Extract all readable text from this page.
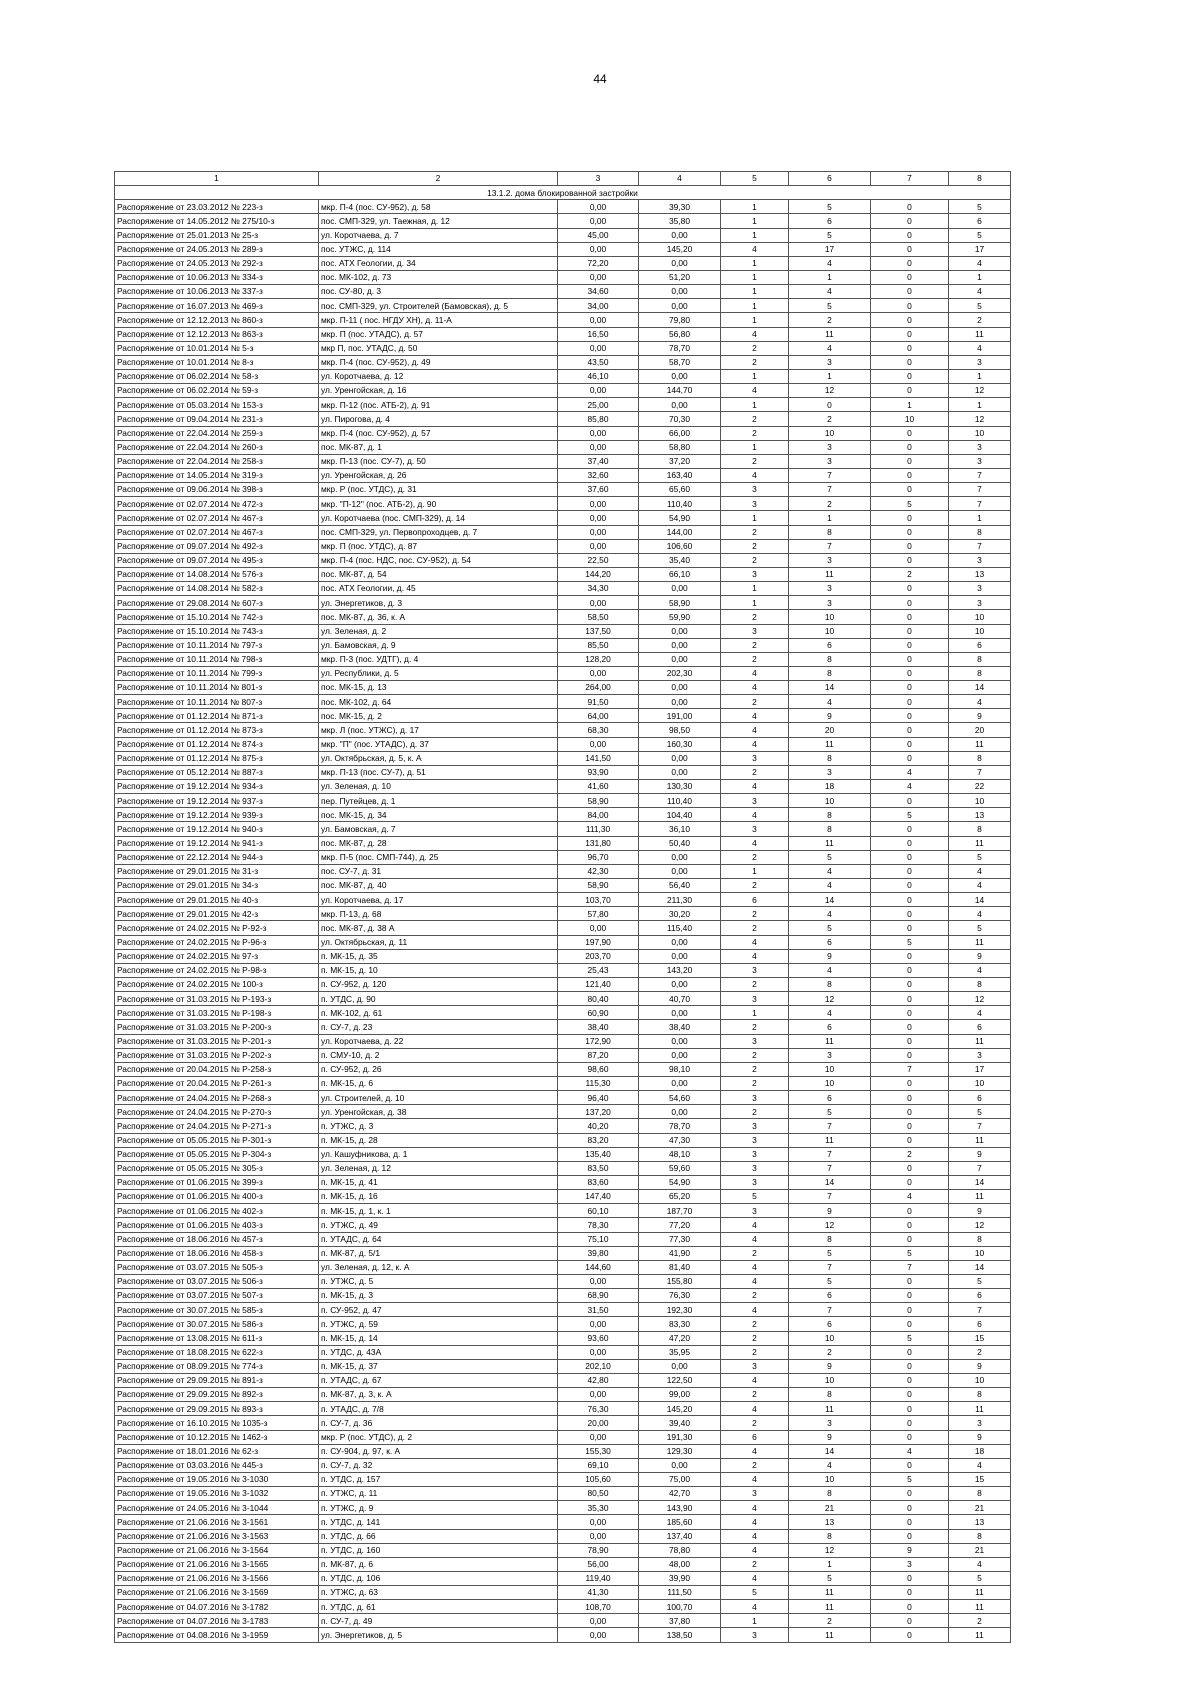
44
1	2	3	4	5	6	7	8
13.1.2. дома блокированной застройки							
Распоряжение от 23.03.2012 № 223-з	мкр. П-4 (пос. СУ-952), д. 58	0,00	39,30	1	5	0	5
Распоряжение от 14.05.2012 № 275/10-з	пос. СМП-329, ул. Таежная, д. 12	0,00	35,80	1	6	0	6
Распоряжение от 25.01.2013 № 25-з	ул. Коротчаева, д. 7	45,00	0,00	1	5	0	5
Распоряжение от 24.05.2013 № 289-з	пос. УТЖС, д. 114	0,00	145,20	4	17	0	17
Распоряжение от 24.05.2013 № 292-з	пос. АТХ Геологии, д. 34	72,20	0,00	1	4	0	4
Распоряжение от 10.06.2013 № 334-з	пос. МК-102, д. 73	0,00	51,20	1	1	0	1
Распоряжение от 10.06.2013 № 337-з	пос. СУ-80, д. 3	34,60	0,00	1	4	0	4
Распоряжение от 16.07.2013 № 469-з	пос. СМП-329, ул. Строителей (Бамовская), д. 5	34,00	0,00	1	5	0	5
Распоряжение от 12.12.2013 № 860-з	мкр. П-11 ( пос. НГДУ ХН), д. 11-А	0,00	79,80	1	2	0	2
Распоряжение от 12.12.2013 № 863-з	мкр. П (пос. УТАДС), д. 57	16,50	56,80	4	11	0	11
Распоряжение от 10.01.2014 № 5-з	мкр П, пос. УТАДС, д. 50	0,00	78,70	2	4	0	4
Распоряжение от 10.01.2014 № 8-з	мкр. П-4 (пос. СУ-952), д. 49	43,50	58,70	2	3	0	3
Распоряжение от 06.02.2014 № 58-з	ул. Коротчаева, д. 12	46,10	0,00	1	1	0	1
Распоряжение от 06.02.2014 № 59-з	ул. Уренгойская, д. 16	0,00	144,70	4	12	0	12
Распоряжение от 05.03.2014 № 153-з	мкр. П-12 (пос. АТБ-2), д. 91	25,00	0,00	1	0	1	1
Распоряжение от 09.04.2014 № 231-з	ул. Пирогова, д. 4	85,80	70,30	2	2	10	12
Распоряжение от 22.04.2014 № 259-з	мкр. П-4 (пос. СУ-952), д. 57	0,00	66,00	2	10	0	10
Распоряжение от 22.04.2014 № 260-з	пос. МК-87, д. 1	0,00	58,80	1	3	0	3
Распоряжение от 22.04.2014 № 258-з	мкр. П-13 (пос. СУ-7), д. 50	37,40	37,20	2	3	0	3
Распоряжение от 14.05.2014 № 319-з	ул. Уренгойская, д. 26	32,60	163,40	4	7	0	7
Распоряжение от 09.06.2014 № 398-з	мкр. Р (пос. УТДС), д. 31	37,60	65,60	3	7	0	7
Распоряжение от 02.07.2014 № 472-з	мкр. "П-12" (пос. АТБ-2), д. 90	0,00	110,40	3	2	5	7
Распоряжение от 02.07.2014 № 467-з	ул. Коротчаева (пос. СМП-329), д. 14	0,00	54,90	1	1	0	1
Распоряжение от 02.07.2014 № 467-з	пос. СМП-329, ул. Первопроходцев, д. 7	0,00	144,00	2	8	0	8
Распоряжение от 09.07.2014 № 492-з	мкр. П (пос. УТДС), д. 87	0,00	106,60	2	7	0	7
Распоряжение от 09.07.2014 № 495-з	мкр. П-4 (пос. НДС, пос. СУ-952), д. 54	22,50	35,40	2	3	0	3
Распоряжение от 14.08.2014 № 576-з	пос. МК-87, д. 54	144,20	66,10	3	11	2	13
Распоряжение от 14.08.2014 № 582-з	пос. АТХ Геологии, д. 45	34,30	0,00	1	3	0	3
Распоряжение от 29.08.2014 № 607-з	ул. Энергетиков, д. 3	0,00	58,90	1	3	0	3
Распоряжение от 15.10.2014 № 742-з	пос. МК-87, д. 36, к. А	58,50	59,90	2	10	0	10
Распоряжение от 15.10.2014 № 743-з	ул. Зеленая, д. 2	137,50	0,00	3	10	0	10
Распоряжение от 10.11.2014 № 797-з	ул. Бамовская, д. 9	85,50	0,00	2	6	0	6
Распоряжение от 10.11.2014 № 798-з	мкр. П-3 (пос. УДТГ), д. 4	128,20	0,00	2	8	0	8
Распоряжение от 10.11.2014 № 799-з	ул. Республики, д. 5	0,00	202,30	4	8	0	8
Распоряжение от 10.11.2014 № 801-з	пос. МК-15, д. 13	264,00	0,00	4	14	0	14
Распоряжение от 10.11.2014 № 807-з	пос. МК-102, д. 64	91,50	0,00	2	4	0	4
Распоряжение от 01.12.2014 № 871-з	пос. МК-15, д. 2	64,00	191,00	4	9	0	9
Распоряжение от 01.12.2014 № 873-з	мкр. Л (пос. УТЖС), д. 17	68,30	98,50	4	20	0	20
Распоряжение от 01.12.2014 № 874-з	мкр. "П" (пос. УТАДС), д. 37	0,00	160,30	4	11	0	11
Распоряжение от 01.12.2014 № 875-з	ул. Октябрьская, д. 5, к. А	141,50	0,00	3	8	0	8
Распоряжение от 05.12.2014 № 887-з	мкр. П-13 (пос. СУ-7), д. 51	93,90	0,00	2	3	4	7
Распоряжение от 19.12.2014 № 934-з	ул. Зеленая, д. 10	41,60	130,30	4	18	4	22
Распоряжение от 19.12.2014 № 937-з	пер. Путейцев, д. 1	58,90	110,40	3	10	0	10
Распоряжение от 19.12.2014 № 939-з	пос. МК-15, д. 34	84,00	104,40	4	8	5	13
Распоряжение от 19.12.2014 № 940-з	ул. Бамовская, д. 7	111,30	36,10	3	8	0	8
Распоряжение от 19.12.2014 № 941-з	пос. МК-87, д. 28	131,80	50,40	4	11	0	11
Распоряжение от 22.12.2014 № 944-з	мкр. П-5 (пос. СМП-744), д. 25	96,70	0,00	2	5	0	5
Распоряжение от 29.01.2015 № 31-з	пос. СУ-7, д. 31	42,30	0,00	1	4	0	4
Распоряжение от 29.01.2015 № 34-з	пос. МК-87, д. 40	58,90	56,40	2	4	0	4
Распоряжение от 29.01.2015 № 40-з	ул. Коротчаева, д. 17	103,70	211,30	6	14	0	14
Распоряжение от 29.01.2015 № 42-з	мкр. П-13, д. 68	57,80	30,20	2	4	0	4
Распоряжение от 24.02.2015 № Р-92-з	пос. МК-87, д. 38 А	0,00	115,40	2	5	0	5
Распоряжение от 24.02.2015 № Р-96-з	ул. Октябрьская, д. 11	197,90	0,00	4	6	5	11
Распоряжение от 24.02.2015 № 97-з	п. МК-15, д. 35	203,70	0,00	4	9	0	9
Распоряжение от 24.02.2015 № Р-98-з	п. МК-15, д. 10	25,43	143,20	3	4	0	4
Распоряжение от 24.02.2015 № 100-з	п. СУ-952, д. 120	121,40	0,00	2	8	0	8
Распоряжение от 31.03.2015 № Р-193-з	п. УТДС, д. 90	80,40	40,70	3	12	0	12
Распоряжение от 31.03.2015 № Р-198-з	п. МК-102, д. 61	60,90	0,00	1	4	0	4
Распоряжение от 31.03.2015 № Р-200-з	п. СУ-7, д. 23	38,40	38,40	2	6	0	6
Распоряжение от 31.03.2015 № Р-201-з	ул. Коротчаева, д. 22	172,90	0,00	3	11	0	11
Распоряжение от 31.03.2015 № Р-202-з	п. СМУ-10, д. 2	87,20	0,00	2	3	0	3
Распоряжение от 20.04.2015 № Р-258-з	п. СУ-952, д. 26	98,60	98,10	2	10	7	17
Распоряжение от 20.04.2015 № Р-261-з	п. МК-15, д. 6	115,30	0,00	2	10	0	10
Распоряжение от 24.04.2015 № Р-268-з	ул. Строителей, д. 10	96,40	54,60	3	6	0	6
Распоряжение от 24.04.2015 № Р-270-з	ул. Уренгойская, д. 38	137,20	0,00	2	5	0	5
Распоряжение от 24.04.2015 № Р-271-з	п. УТЖС, д. 3	40,20	78,70	3	7	0	7
Распоряжение от 05.05.2015 № Р-301-з	п. МК-15, д. 28	83,20	47,30	3	11	0	11
Распоряжение от 05.05.2015 № Р-304-з	ул. Кашуфникова, д. 1	135,40	48,10	3	7	2	9
Распоряжение от 05.05.2015 № 305-з	ул. Зеленая, д. 12	83,50	59,60	3	7	0	7
Распоряжение от 01.06.2015 № 399-з	п. МК-15, д. 41	83,60	54,90	3	14	0	14
Распоряжение от 01.06.2015 № 400-з	п. МК-15, д. 16	147,40	65,20	5	7	4	11
Распоряжение от 01.06.2015 № 402-з	п. МК-15, д. 1, к. 1	60,10	187,70	3	9	0	9
Распоряжение от 01.06.2015 № 403-з	п. УТЖС, д. 49	78,30	77,20	4	12	0	12
Распоряжение от 18.06.2016 № 457-з	п. УТАДС, д. 64	75,10	77,30	4	8	0	8
Распоряжение от 18.06.2016 № 458-з	п. МК-87, д. 5/1	39,80	41,90	2	5	5	10
Распоряжение от 03.07.2015 № 505-з	ул. Зеленая, д. 12, к. А	144,60	81,40	4	7	7	14
Распоряжение от 03.07.2015 № 506-з	п. УТЖС, д. 5	0,00	155,80	4	5	0	5
Распоряжение от 03.07.2015 № 507-з	п. МК-15, д. 3	68,90	76,30	2	6	0	6
Распоряжение от 30.07.2015 № 585-з	п. СУ-952, д. 47	31,50	192,30	4	7	0	7
Распоряжение от 30.07.2015 № 586-з	п. УТЖС, д. 59	0,00	83,30	2	6	0	6
Распоряжение от 13.08.2015 № 611-з	п. МК-15, д. 14	93,60	47,20	2	10	5	15
Распоряжение от 18.08.2015 № 622-з	п. УТДС, д. 43А	0,00	35,95	2	2	0	2
Распоряжение от 08.09.2015 № 774-з	п. МК-15, д. 37	202,10	0,00	3	9	0	9
Распоряжение от 29.09.2015 № 891-з	п. УТАДС, д. 67	42,80	122,50	4	10	0	10
Распоряжение от 29.09.2015 № 892-з	п. МК-87, д. 3, к. А	0,00	99,00	2	8	0	8
Распоряжение от 29.09.2015 № 893-з	п. УТАДС, д. 7/8	76,30	145,20	4	11	0	11
Распоряжение от 16.10.2015 № 1035-з	п. СУ-7, д. 36	20,00	39,40	2	3	0	3
Распоряжение от 10.12.2015 № 1462-з	мкр. Р (пос. УТДС), д. 2	0,00	191,30	6	9	0	9
Распоряжение от 18.01.2016 № 62-з	п. СУ-904, д. 97, к. А	155,30	129,30	4	14	4	18
Распоряжение от 03.03.2016 № 445-з	п. СУ-7, д. 32	69,10	0,00	2	4	0	4
Распоряжение от 19.05.2016 № 3-1030	п. УТДС, д. 157	105,60	75,00	4	10	5	15
Распоряжение от 19.05.2016 № 3-1032	п. УТЖС, д. 11	80,50	42,70	3	8	0	8
Распоряжение от 24.05.2016 № 3-1044	п. УТЖС, д. 9	35,30	143,90	4	21	0	21
Распоряжение от 21.06.2016 № 3-1561	п. УТДС, д. 141	0,00	185,60	4	13	0	13
Распоряжение от 21.06.2016 № 3-1563	п. УТДС, д. 66	0,00	137,40	4	8	0	8
Распоряжение от 21.06.2016 № 3-1564	п. УТДС, д. 160	78,90	78,80	4	12	9	21
Распоряжение от 21.06.2016 № 3-1565	п. МК-87, д. 6	56,00	48,00	2	1	3	4
Распоряжение от 21.06.2016 № 3-1566	п. УТДС, д. 106	119,40	39,90	4	5	0	5
Распоряжение от 21.06.2016 № 3-1569	п. УТЖС, д. 63	41,30	111,50	5	11	0	11
Распоряжение от 04.07.2016 № 3-1782	п. УТДС, д. 61	108,70	100,70	4	11	0	11
Распоряжение от 04.07.2016 № 3-1783	п. СУ-7, д. 49	0,00	37,80	1	2	0	2
Распоряжение от 04.08.2016 № 3-1959	ул. Энергетиков, д. 5	0,00	138,50	3	11	0	11
